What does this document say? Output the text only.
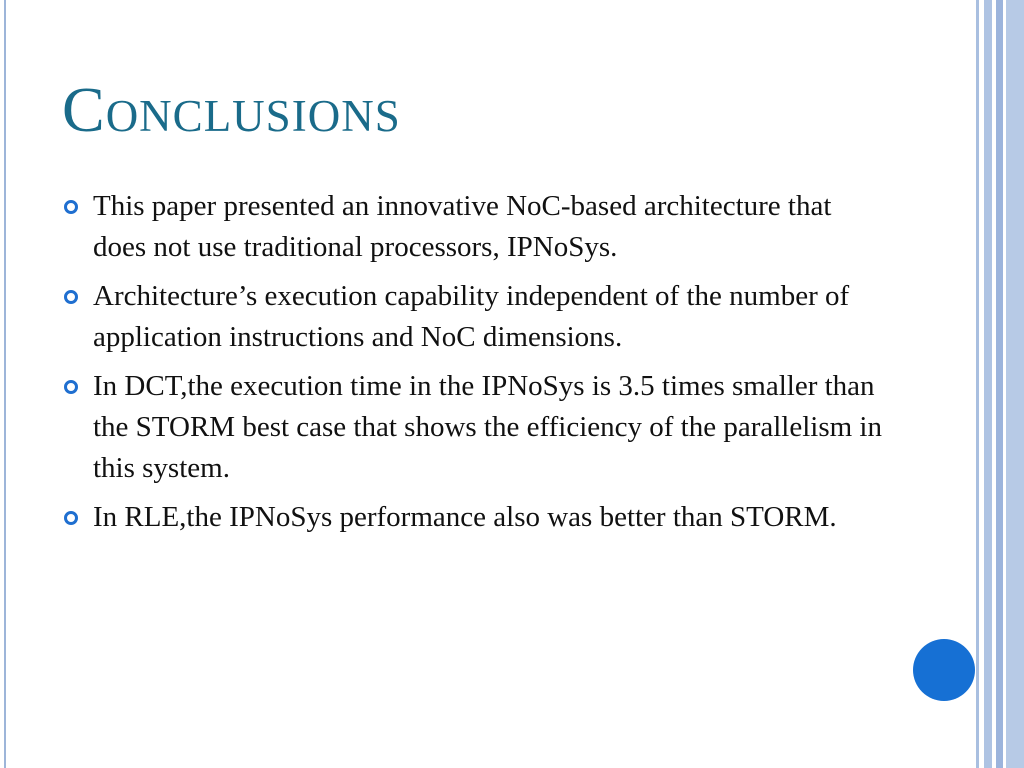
Conclusions
This paper presented an innovative NoC-based architecture that does not use traditional processors, IPNoSys.
Architecture’s execution capability independent of the number of application instructions and NoC dimensions.
In DCT,the execution time in the IPNoSys is 3.5 times smaller than the STORM best case that shows the efficiency of the parallelism in this system.
In RLE,the IPNoSys performance also was better than STORM.
